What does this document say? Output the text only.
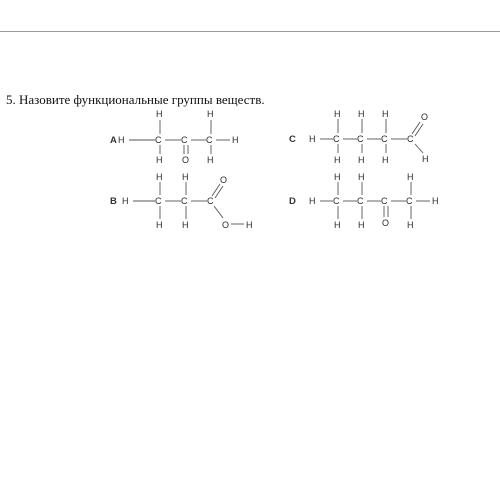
5. Назовите функциональные группы веществ.
A H	C C C H
H
H
H
O H
B H	C C C
H H
H H
O
O H
C H C C C C
H H H
H H H
O
H
D H C C C C H
H H	H
H H	H
O
